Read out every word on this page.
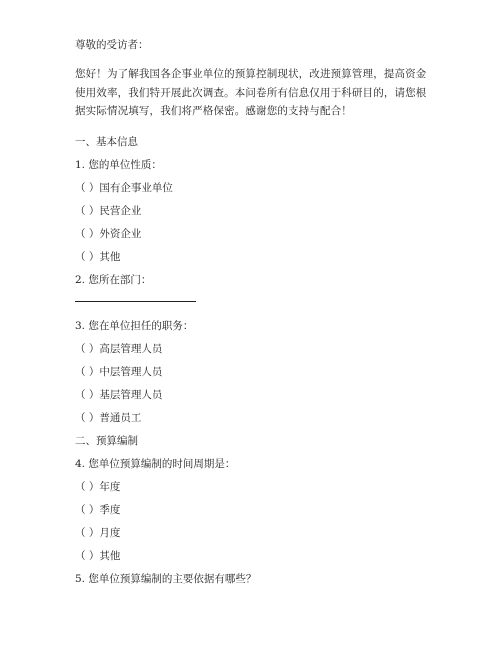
尊敬的受访者：
您好！为了解我国各企事业单位的预算控制现状，改进预算管理，提高资金使用效率，我们特开展此次调查。本问卷所有信息仅用于科研目的，请您根据实际情况填写，我们将严格保密。感谢您的支持与配合！
一、基本信息
1. 您的单位性质：
（ ）国有企事业单位
（ ）民营企业
（ ）外资企业
（ ）其他
2. 您所在部门：
3. 您在单位担任的职务：
（ ）高层管理人员
（ ）中层管理人员
（ ）基层管理人员
（ ）普通员工
二、预算编制
4. 您单位预算编制的时间周期是：
（ ）年度
（ ）季度
（ ）月度
（ ）其他
5. 您单位预算编制的主要依据有哪些？
